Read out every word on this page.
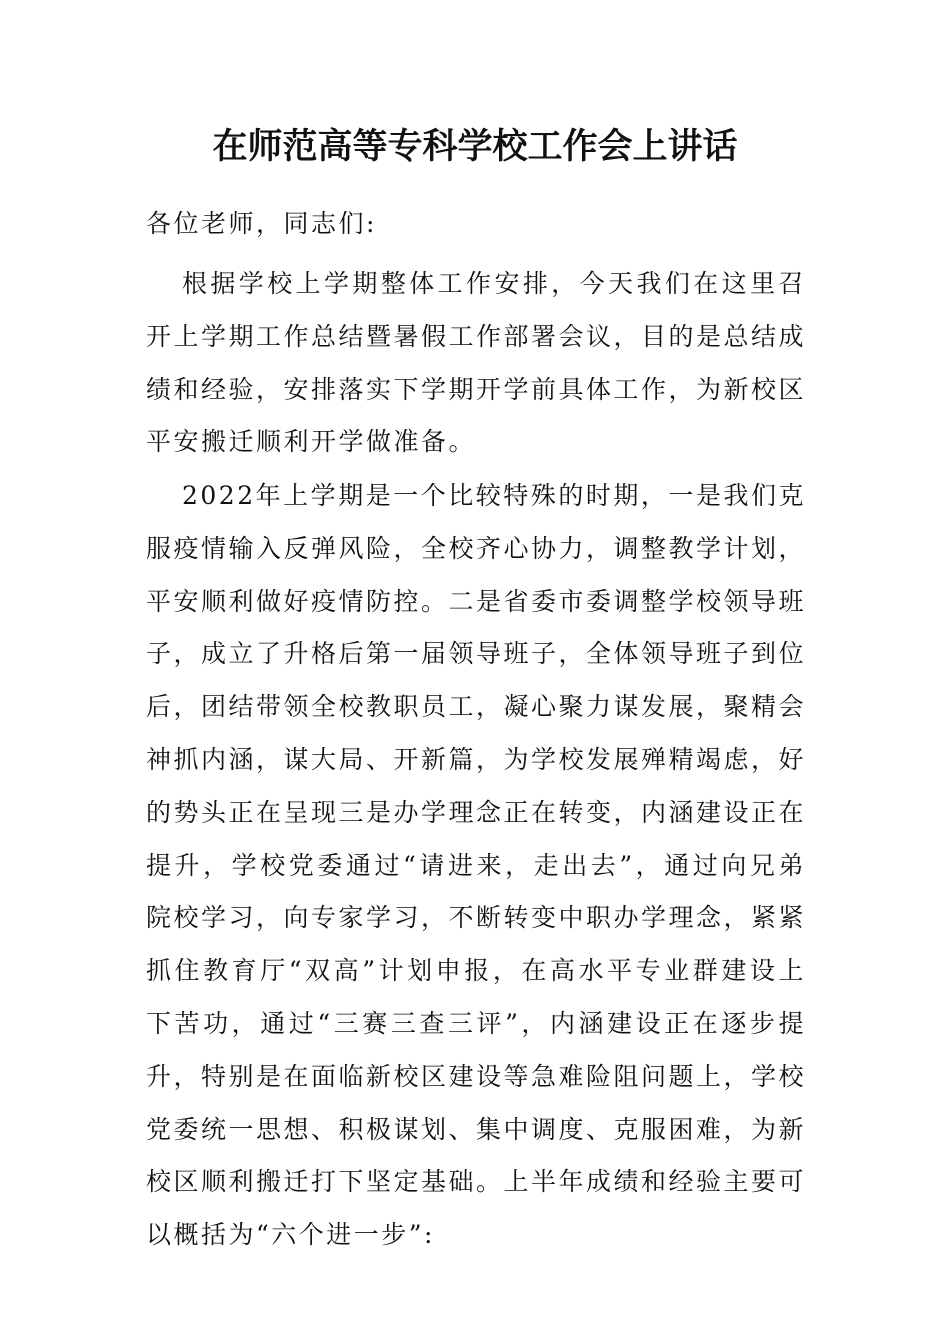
在师范高等专科学校工作会上讲话
各位老师，同志们:
根据学校上学期整体工作安排，今天我们在这里召开上学期工作总结暨暑假工作部署会议，目的是总结成绩和经验，安排落实下学期开学前具体工作，为新校区平安搬迁顺利开学做准备。
2022年上学期是一个比较特殊的时期，一是我们克服疫情输入反弹风险，全校齐心协力，调整教学计划，平安顺利做好疫情防控。二是省委市委调整学校领导班子，成立了升格后第一届领导班子，全体领导班子到位后，团结带领全校教职员工，凝心聚力谋发展，聚精会神抓内涵，谋大局、开新篇，为学校发展殚精竭虑，好的势头正在呈现三是办学理念正在转变，内涵建设正在提升，学校党委通过“请进来，走出去”，通过向兄弟院校学习，向专家学习，不断转变中职办学理念，紧紧抓住教育厅“双高”计划申报，在高水平专业群建设上下苦功，通过“三赛三查三评”，内涵建设正在逐步提升，特别是在面临新校区建设等急难险阻问题上，学校党委统一思想、积极谋划、集中调度、克服困难，为新校区顺利搬迁打下坚定基础。上半年成绩和经验主要可以概括为“六个进一步”:
